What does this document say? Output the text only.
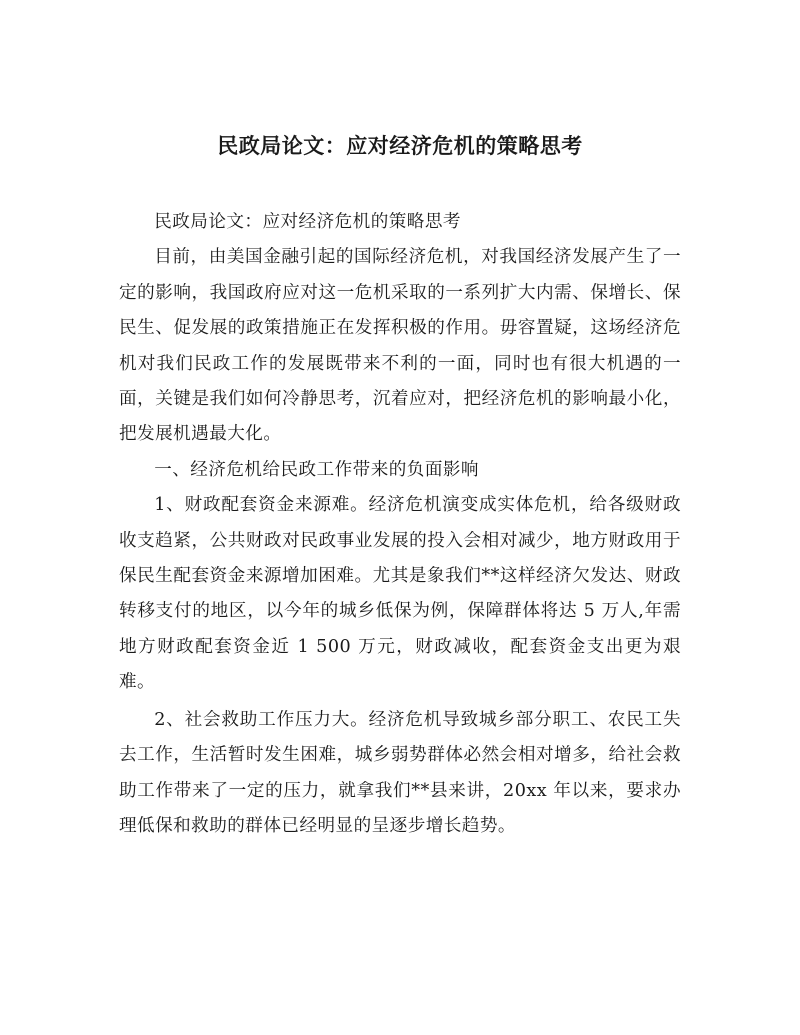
民政局论文：应对经济危机的策略思考

民政局论文：应对经济危机的策略思考

目前，由美国金融引起的国际经济危机，对我国经济发展产生了一定的影响，我国政府应对这一危机采取的一系列扩大内需、保增长、保民生、促发展的政策措施正在发挥积极的作用。毋容置疑，这场经济危机对我们民政工作的发展既带来不利的一面，同时也有很大机遇的一面，关键是我们如何冷静思考，沉着应对，把经济危机的影响最小化，把发展机遇最大化。

一、经济危机给民政工作带来的负面影响

1、财政配套资金来源难。经济危机演变成实体危机，给各级财政收支趋紧，公共财政对民政事业发展的投入会相对减少，地方财政用于保民生配套资金来源增加困难。尤其是象我们**这样经济欠发达、财政转移支付的地区，以今年的城乡低保为例，保障群体将达 5 万人,年需地方财政配套资金近 1 500 万元，财政减收，配套资金支出更为艰难。

2、社会救助工作压力大。经济危机导致城乡部分职工、农民工失去工作，生活暂时发生困难，城乡弱势群体必然会相对增多，给社会救助工作带来了一定的压力，就拿我们**县来讲，20xx 年以来，要求办理低保和救助的群体已经明显的呈逐步增长趋势。
